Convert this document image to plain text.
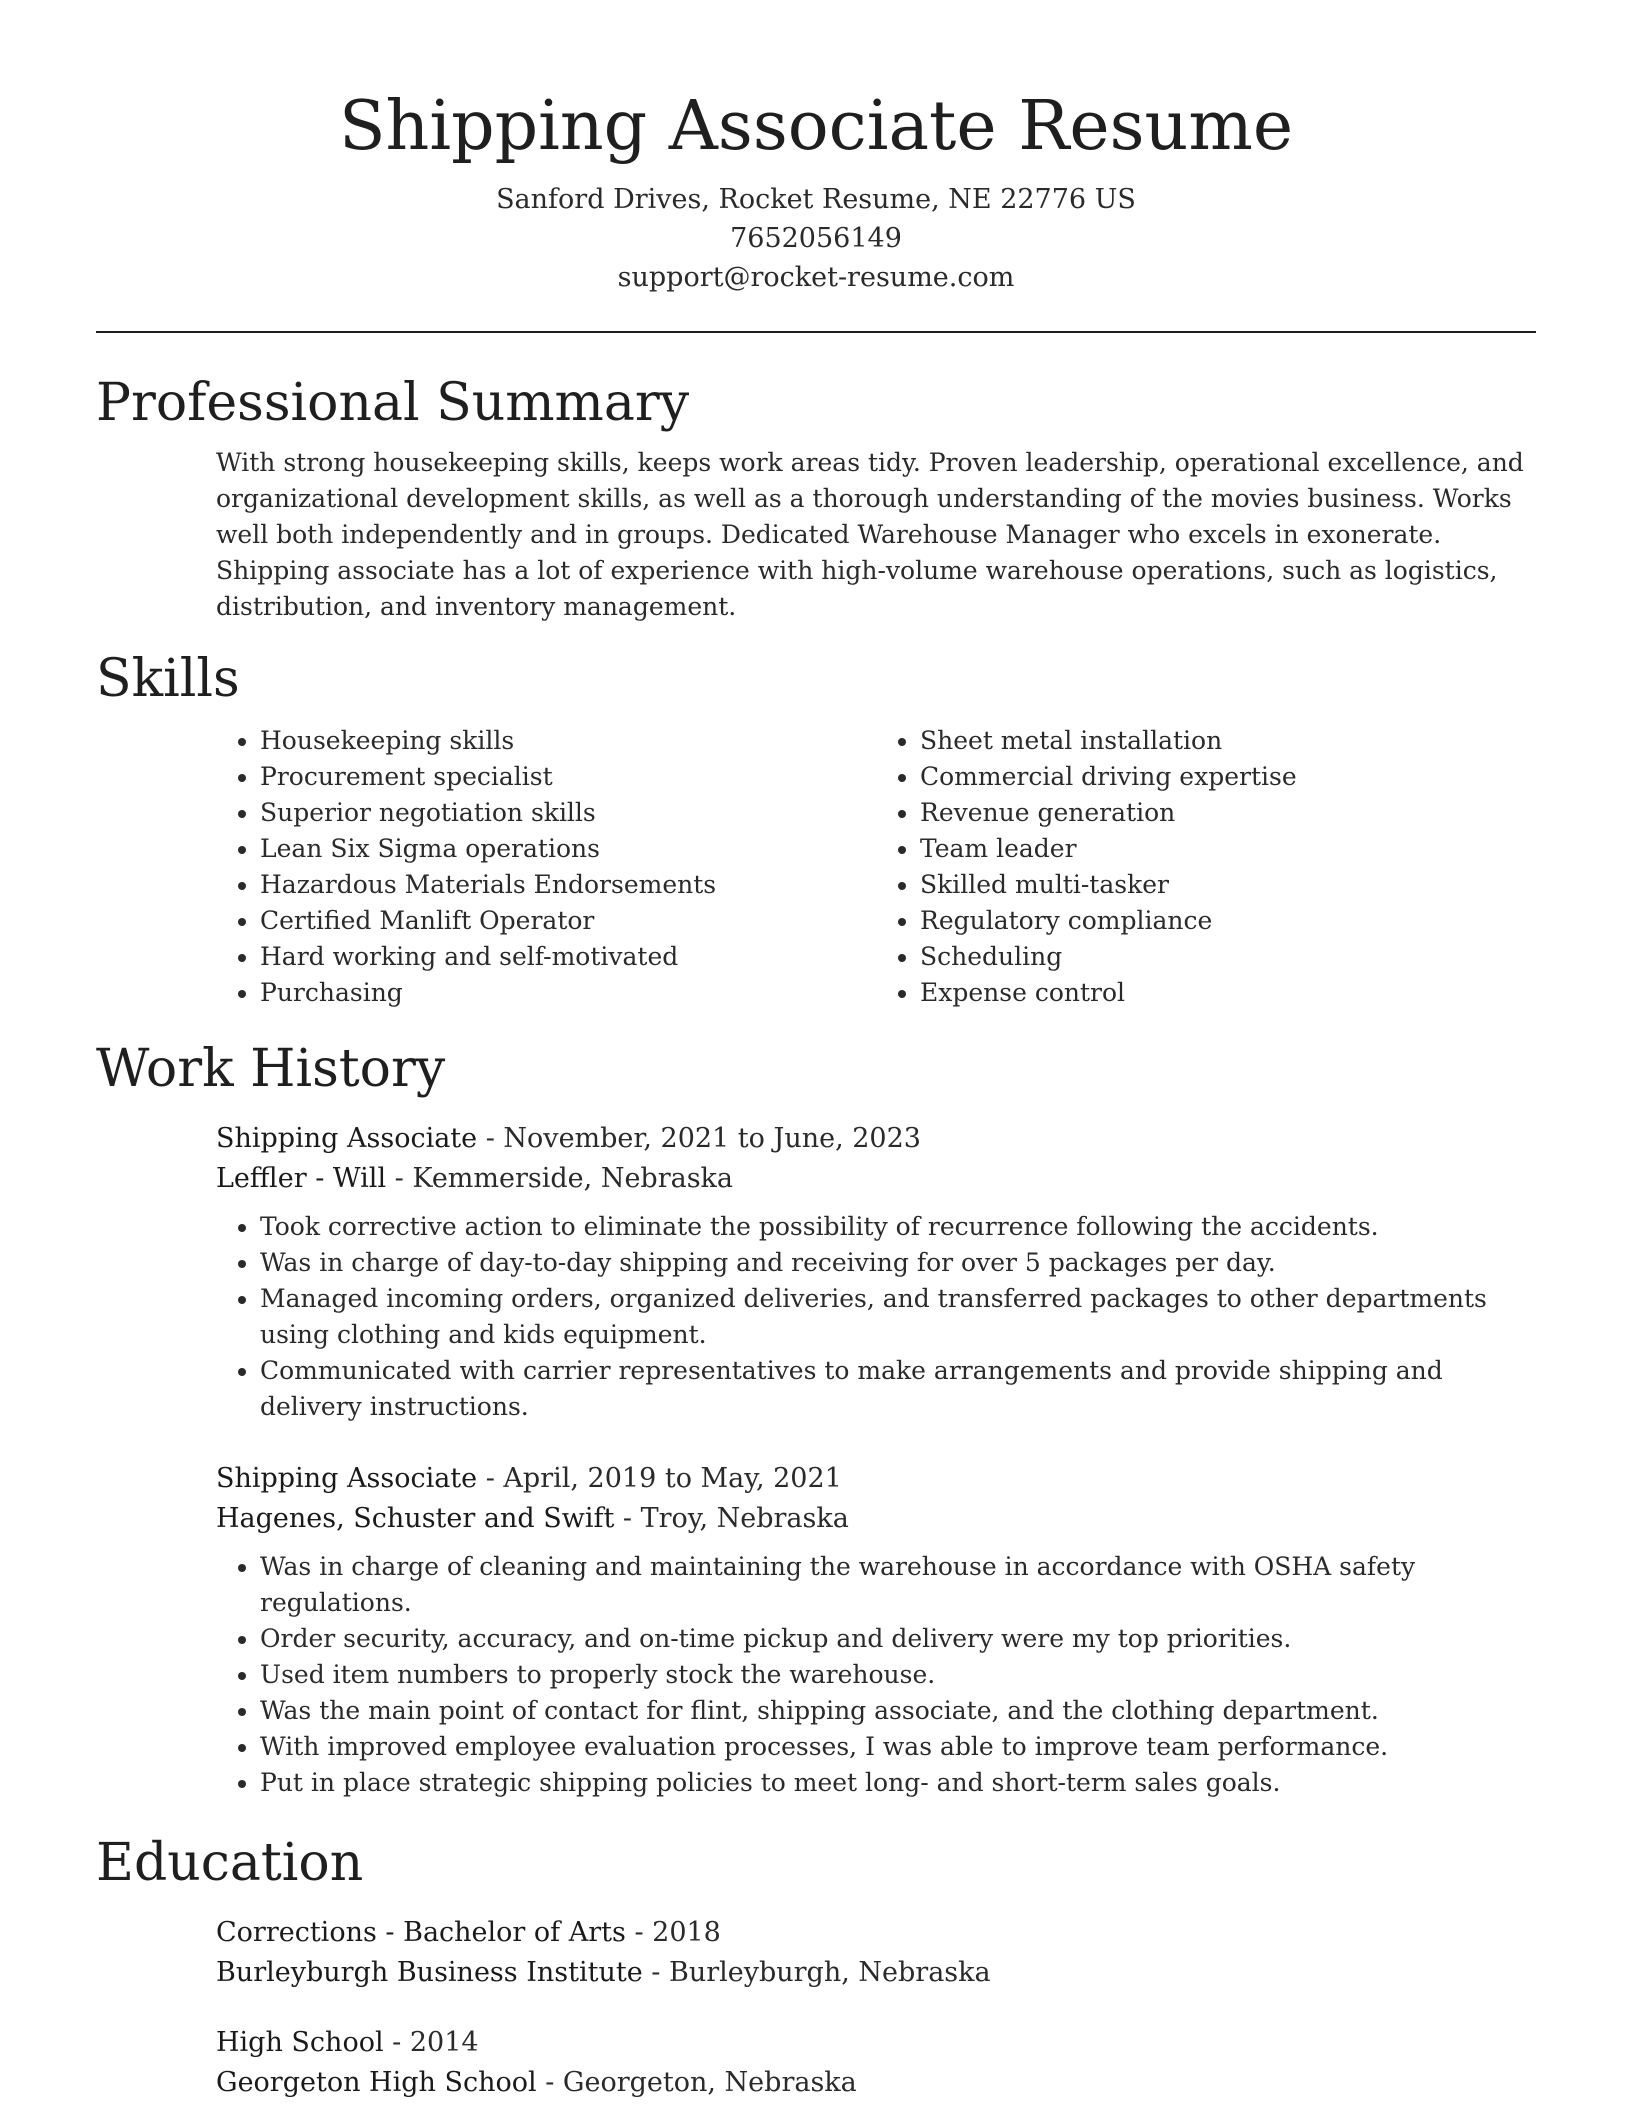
Shipping Associate Resume
Sanford Drives, Rocket Resume, NE 22776 US
7652056149
support@rocket-resume.com
Professional Summary

With strong housekeeping skills, keeps work areas tidy. Proven leadership, operational excellence, and organizational development skills, as well as a thorough understanding of the movies business. Works well both independently and in groups. Dedicated Warehouse Manager who excels in exonerate. Shipping associate has a lot of experience with high-volume warehouse operations, such as logistics, distribution, and inventory management.

Skills
• Housekeeping skills
• Procurement specialist
• Superior negotiation skills
• Lean Six Sigma operations
• Hazardous Materials Endorsements
• Certified Manlift Operator
• Hard working and self-motivated
• Purchasing
• Sheet metal installation
• Commercial driving expertise
• Revenue generation
• Team leader
• Skilled multi-tasker
• Regulatory compliance
• Scheduling
• Expense control
Work History
Shipping Associate - November, 2021 to June, 2023
Leffler - Will - Kemmerside, Nebraska
• Took corrective action to eliminate the possibility of recurrence following the accidents.
• Was in charge of day-to-day shipping and receiving for over 5 packages per day.
• Managed incoming orders, organized deliveries, and transferred packages to other departments using clothing and kids equipment.
• Communicated with carrier representatives to make arrangements and provide shipping and delivery instructions.
Shipping Associate - April, 2019 to May, 2021
Hagenes, Schuster and Swift - Troy, Nebraska
• Was in charge of cleaning and maintaining the warehouse in accordance with OSHA safety regulations.
• Order security, accuracy, and on-time pickup and delivery were my top priorities.
• Used item numbers to properly stock the warehouse.
• Was the main point of contact for flint, shipping associate, and the clothing department.
• With improved employee evaluation processes, I was able to improve team performance.
• Put in place strategic shipping policies to meet long- and short-term sales goals.
Education
Corrections - Bachelor of Arts - 2018
Burleyburgh Business Institute - Burleyburgh, Nebraska
High School - 2014
Georgeton High School - Georgeton, Nebraska
